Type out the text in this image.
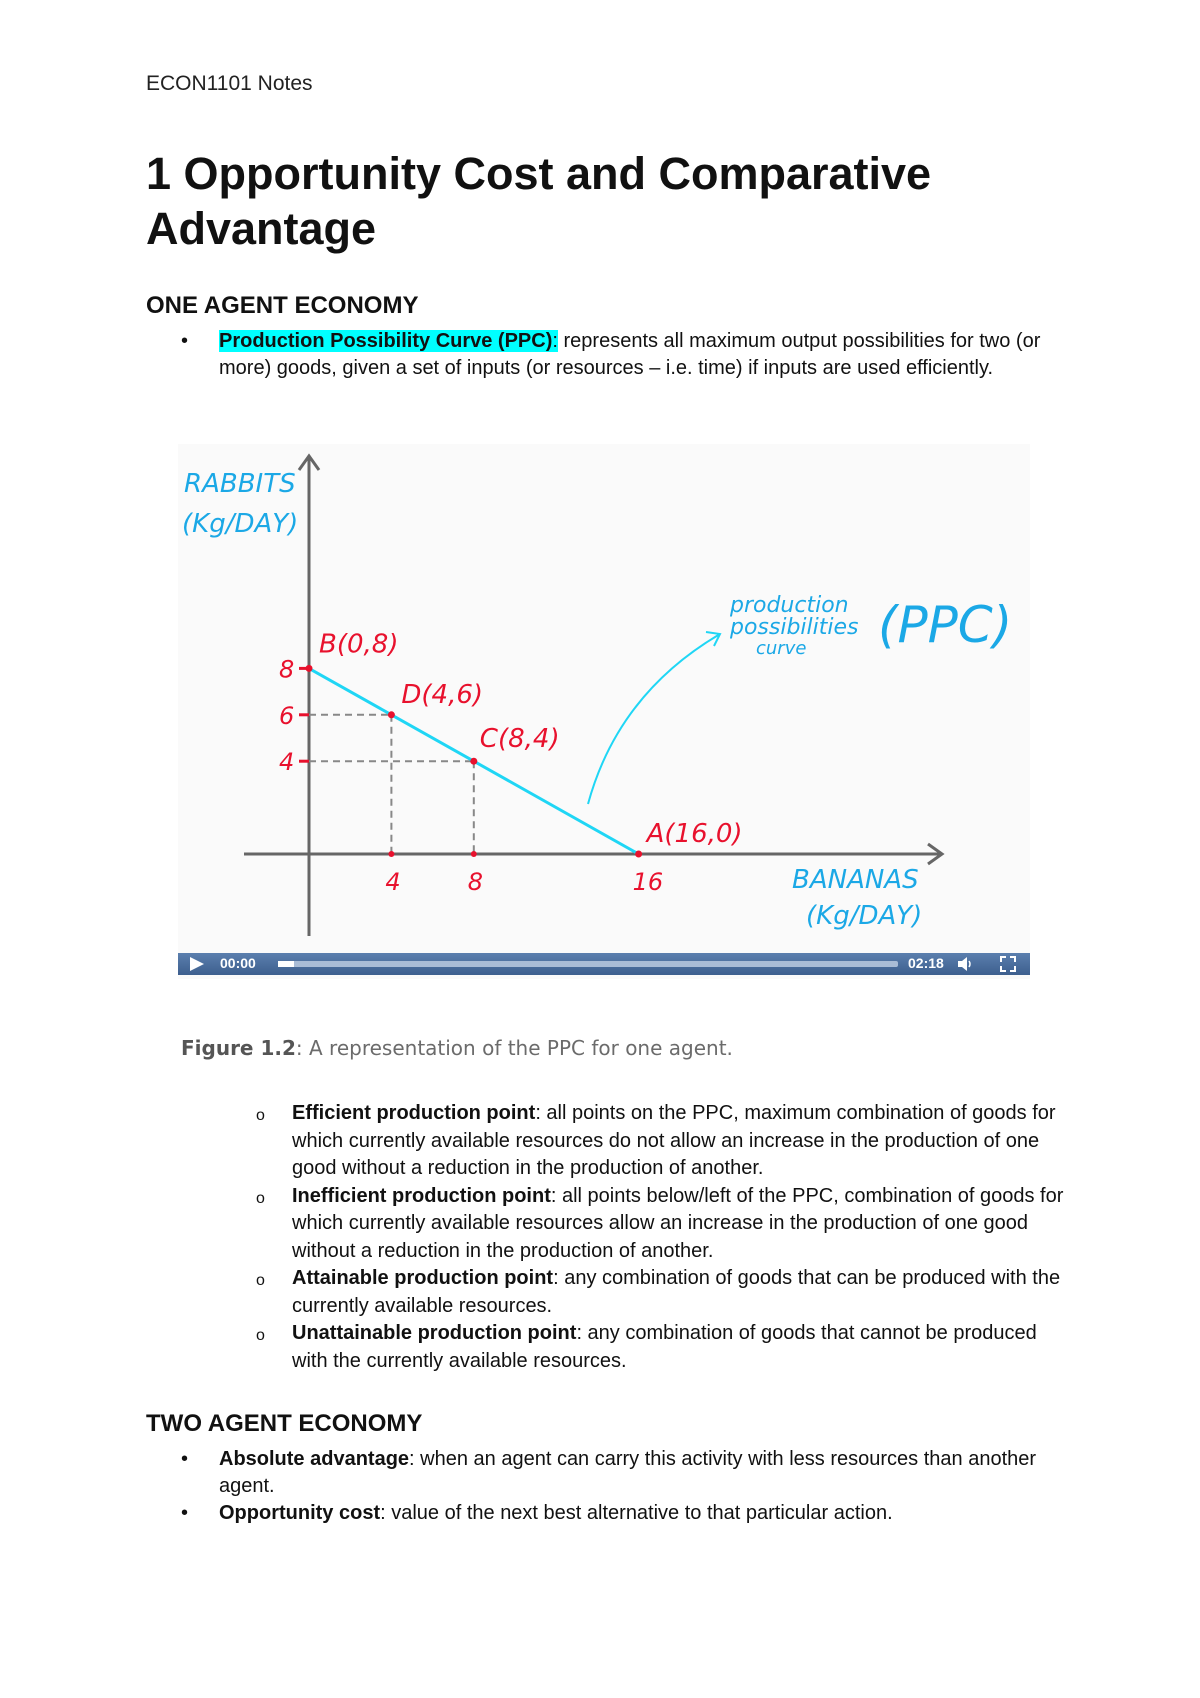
ECON1101 Notes
1 Opportunity Cost and Comparative Advantage
ONE AGENT ECONOMY
• Production Possibility Curve (PPC): represents all maximum output possibilities for two (or more) goods, given a set of inputs (or resources – i.e. time) if inputs are used efficiently.
RABBITS
(Kg/DAY)
BANANAS
(Kg/DAY)
4	8	16
8
6
4
B(0,8)
D(4,6)
C(8,4)
A(16,0)
production
possibilities
curve (PPC)
00:00	02:18
Figure 1.2: A representation of the PPC for one agent.
o Efficient production point: all points on the PPC, maximum combination of goods for which currently available resources do not allow an increase in the production of one good without a reduction in the production of another.
o Inefficient production point: all points below/left of the PPC, combination of goods for which currently available resources allow an increase in the production of one good without a reduction in the production of another.
o Attainable production point: any combination of goods that can be produced with the currently available resources.
o Unattainable production point: any combination of goods that cannot be produced with the currently available resources.
TWO AGENT ECONOMY
• Absolute advantage: when an agent can carry this activity with less resources than another agent.
• Opportunity cost: value of the next best alternative to that particular action.
